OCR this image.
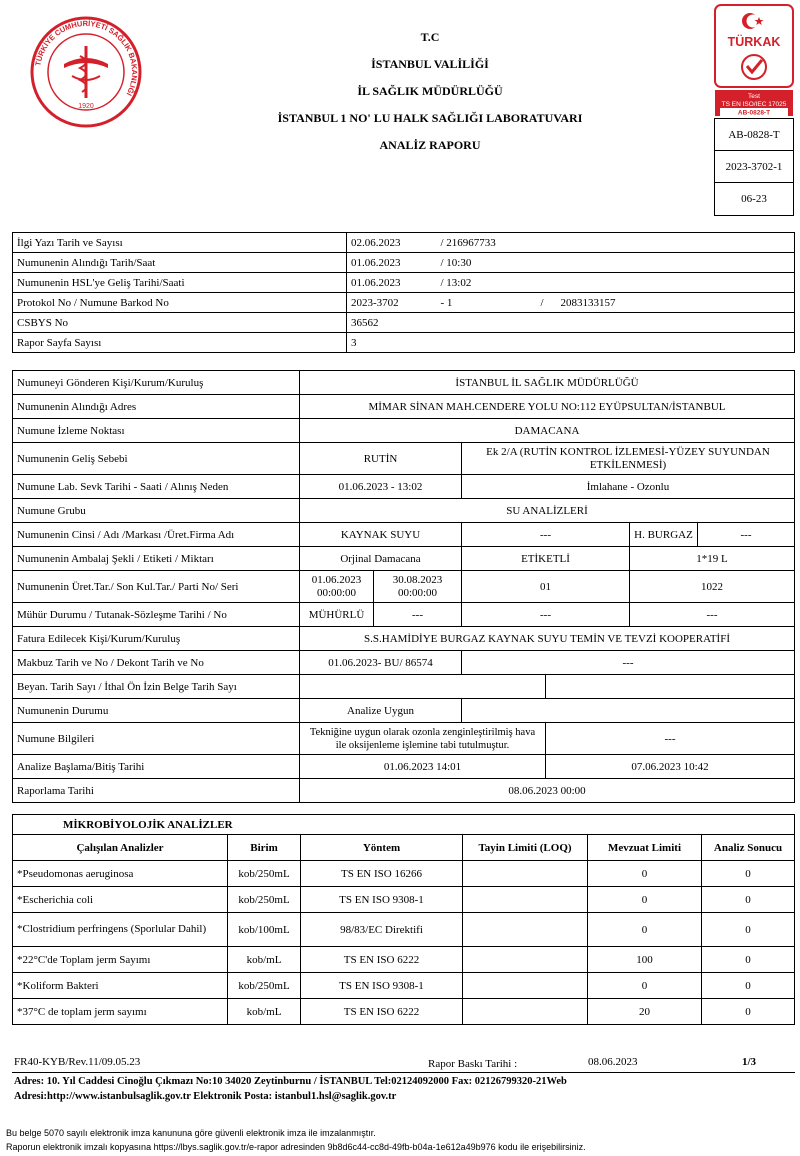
TÜRKİYE CUMHURİYETİ SAĞLIK BAKANLIĞI
1920
T.C
İSTANBUL VALİLİĞİ
İL SAĞLIK MÜDÜRLÜĞÜ
İSTANBUL 1 NO' LU HALK SAĞLIĞI LABORATUVARI
ANALİZ RAPORU
TÜRKAK
Test
TS EN ISO/IEC 17025
AB-0828-T
AB-0828-T
2023-3702-1
06-23
İlgi Yazı Tarih ve Sayısı	02.06.2023	/ 216967733		
Numunenin Alındığı Tarih/Saat	01.06.2023	/ 10:30		
Numunenin HSL'ye Geliş Tarihi/Saati	01.06.2023	/ 13:02		
Protokol No / Numune Barkod No	2023-3702	- 1	/	2083133157
CSBYS No	36562			
Rapor Sayfa Sayısı	3			
Numuneyi Gönderen Kişi/Kurum/Kuruluş	İSTANBUL İL SAĞLIK MÜDÜRLÜĞÜ					
Numunenin Alındığı Adres	MİMAR SİNAN MAH.CENDERE YOLU NO:112 EYÜPSULTAN/İSTANBUL					
Numune İzleme Noktası	DAMACANA					
Numunenin Geliş Sebebi	RUTİN		Ek 2/A (RUTİN KONTROL İZLEMESİ-YÜZEY SUYUNDAN ETKİLENMESİ)			
Numune Lab. Sevk Tarihi - Saati / Alınış Neden	01.06.2023 - 13:02		İmlahane - Ozonlu			
Numune Grubu	SU ANALİZLERİ					
Numunenin Cinsi / Adı /Markası /Üret.Firma Adı	KAYNAK SUYU		---		H. BURGAZ	---
Numunenin Ambalaj Şekli / Etiketi / Miktarı	Orjinal Damacana		ETİKETLİ		1*19 L	
Numunenin Üret.Tar./ Son Kul.Tar./ Parti No/ Seri	01.06.2023 00:00:00	30.08.2023 00:00:00	01		1022	
Mühür Durumu / Tutanak-Sözleşme Tarihi / No	MÜHÜRLÜ	---	---		---	
Fatura Edilecek Kişi/Kurum/Kuruluş	S.S.HAMİDİYE BURGAZ KAYNAK SUYU TEMİN VE TEVZİ KOOPERATİFİ					
Makbuz Tarih ve No / Dekont Tarih ve No	01.06.2023- BU/ 86574		---			
Beyan. Tarih Sayı / İthal Ön İzin Belge Tarih Sayı						
Numunenin Durumu	Analize Uygun					
Numune Bilgileri	Tekniğine uygun olarak ozonla zenginleştirilmiş hava ile oksijenleme işlemine tabi tutulmuştur.			---		
Analize Başlama/Bitiş Tarihi	01.06.2023 14:01			07.06.2023 10:42		
Raporlama Tarihi	08.06.2023 00:00					
MİKROBİYOLOJİK ANALİZLER					
Çalışılan Analizler	Birim	Yöntem	Tayin Limiti (LOQ)	Mevzuat Limiti	Analiz Sonucu
*Pseudomonas aeruginosa	kob/250mL	TS EN ISO 16266		0	0
*Escherichia coli	kob/250mL	TS EN ISO 9308-1		0	0
*Clostridium perfringens (Sporlular Dahil)	kob/100mL	98/83/EC Direktifi		0	0
*22°C'de Toplam jerm Sayımı	kob/mL	TS EN ISO 6222		100	0
*Koliform Bakteri	kob/250mL	TS EN ISO 9308-1		0	0
*37°C de toplam jerm sayımı	kob/mL	TS EN ISO 6222		20	0
FR40-KYB/Rev.11/09.05.23	Rapor Baskı Tarihi :	08.06.2023	1/3
Adres: 10. Yıl Caddesi Cinoğlu Çıkmazı No:10 34020 Zeytinburnu / İSTANBUL Tel:02124092000 Fax: 02126799320-21Web
Adresi:http://www.istanbulsaglik.gov.tr Elektronik Posta: istanbul1.hsl@saglik.gov.tr
Bu belge 5070 sayılı elektronik imza kanununa göre güvenli elektronik imza ile imzalanmıştır.
Raporun elektronik imzalı kopyasına https://lbys.saglik.gov.tr/e-rapor adresinden 9b8d6c44-cc8d-49fb-b04a-1e612a49b976 kodu ile erişebilirsiniz.
